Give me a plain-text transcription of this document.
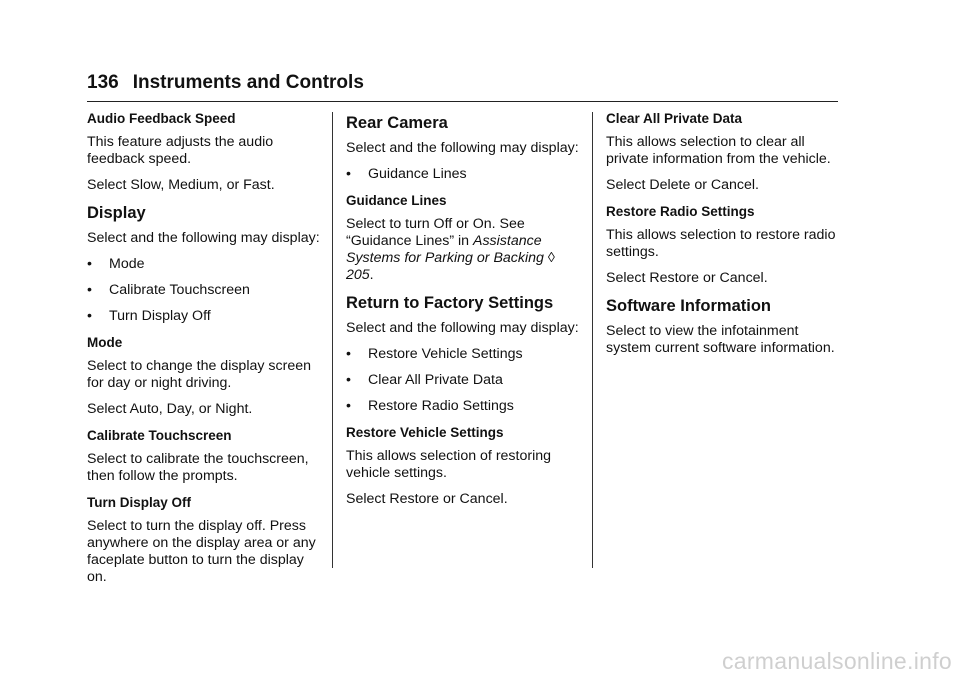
136 Instruments and Controls
Audio Feedback Speed

This feature adjusts the audio feedback speed.

Select Slow, Medium, or Fast.

Display

Select and the following may display:

•	Mode
•	Calibrate Touchscreen
•	Turn Display Off
Mode

Select to change the display screen for day or night driving.

Select Auto, Day, or Night.

Calibrate Touchscreen

Select to calibrate the touchscreen, then follow the prompts.

Turn Display Off

Select to turn the display off. Press anywhere on the display area or any faceplate button to turn the display on.

Rear Camera

Select and the following may display:

•	Guidance Lines
Guidance Lines

Select to turn Off or On. See “Guidance Lines” in Assistance Systems for Parking or Backing ◊ 205.

Return to Factory Settings

Select and the following may display:

•	Restore Vehicle Settings
•	Clear All Private Data
•	Restore Radio Settings
Restore Vehicle Settings

This allows selection of restoring vehicle settings.

Select Restore or Cancel.

Clear All Private Data

This allows selection to clear all private information from the vehicle.

Select Delete or Cancel.

Restore Radio Settings

This allows selection to restore radio settings.

Select Restore or Cancel.

Software Information

Select to view the infotainment system current software information.

carmanualsonline.info
